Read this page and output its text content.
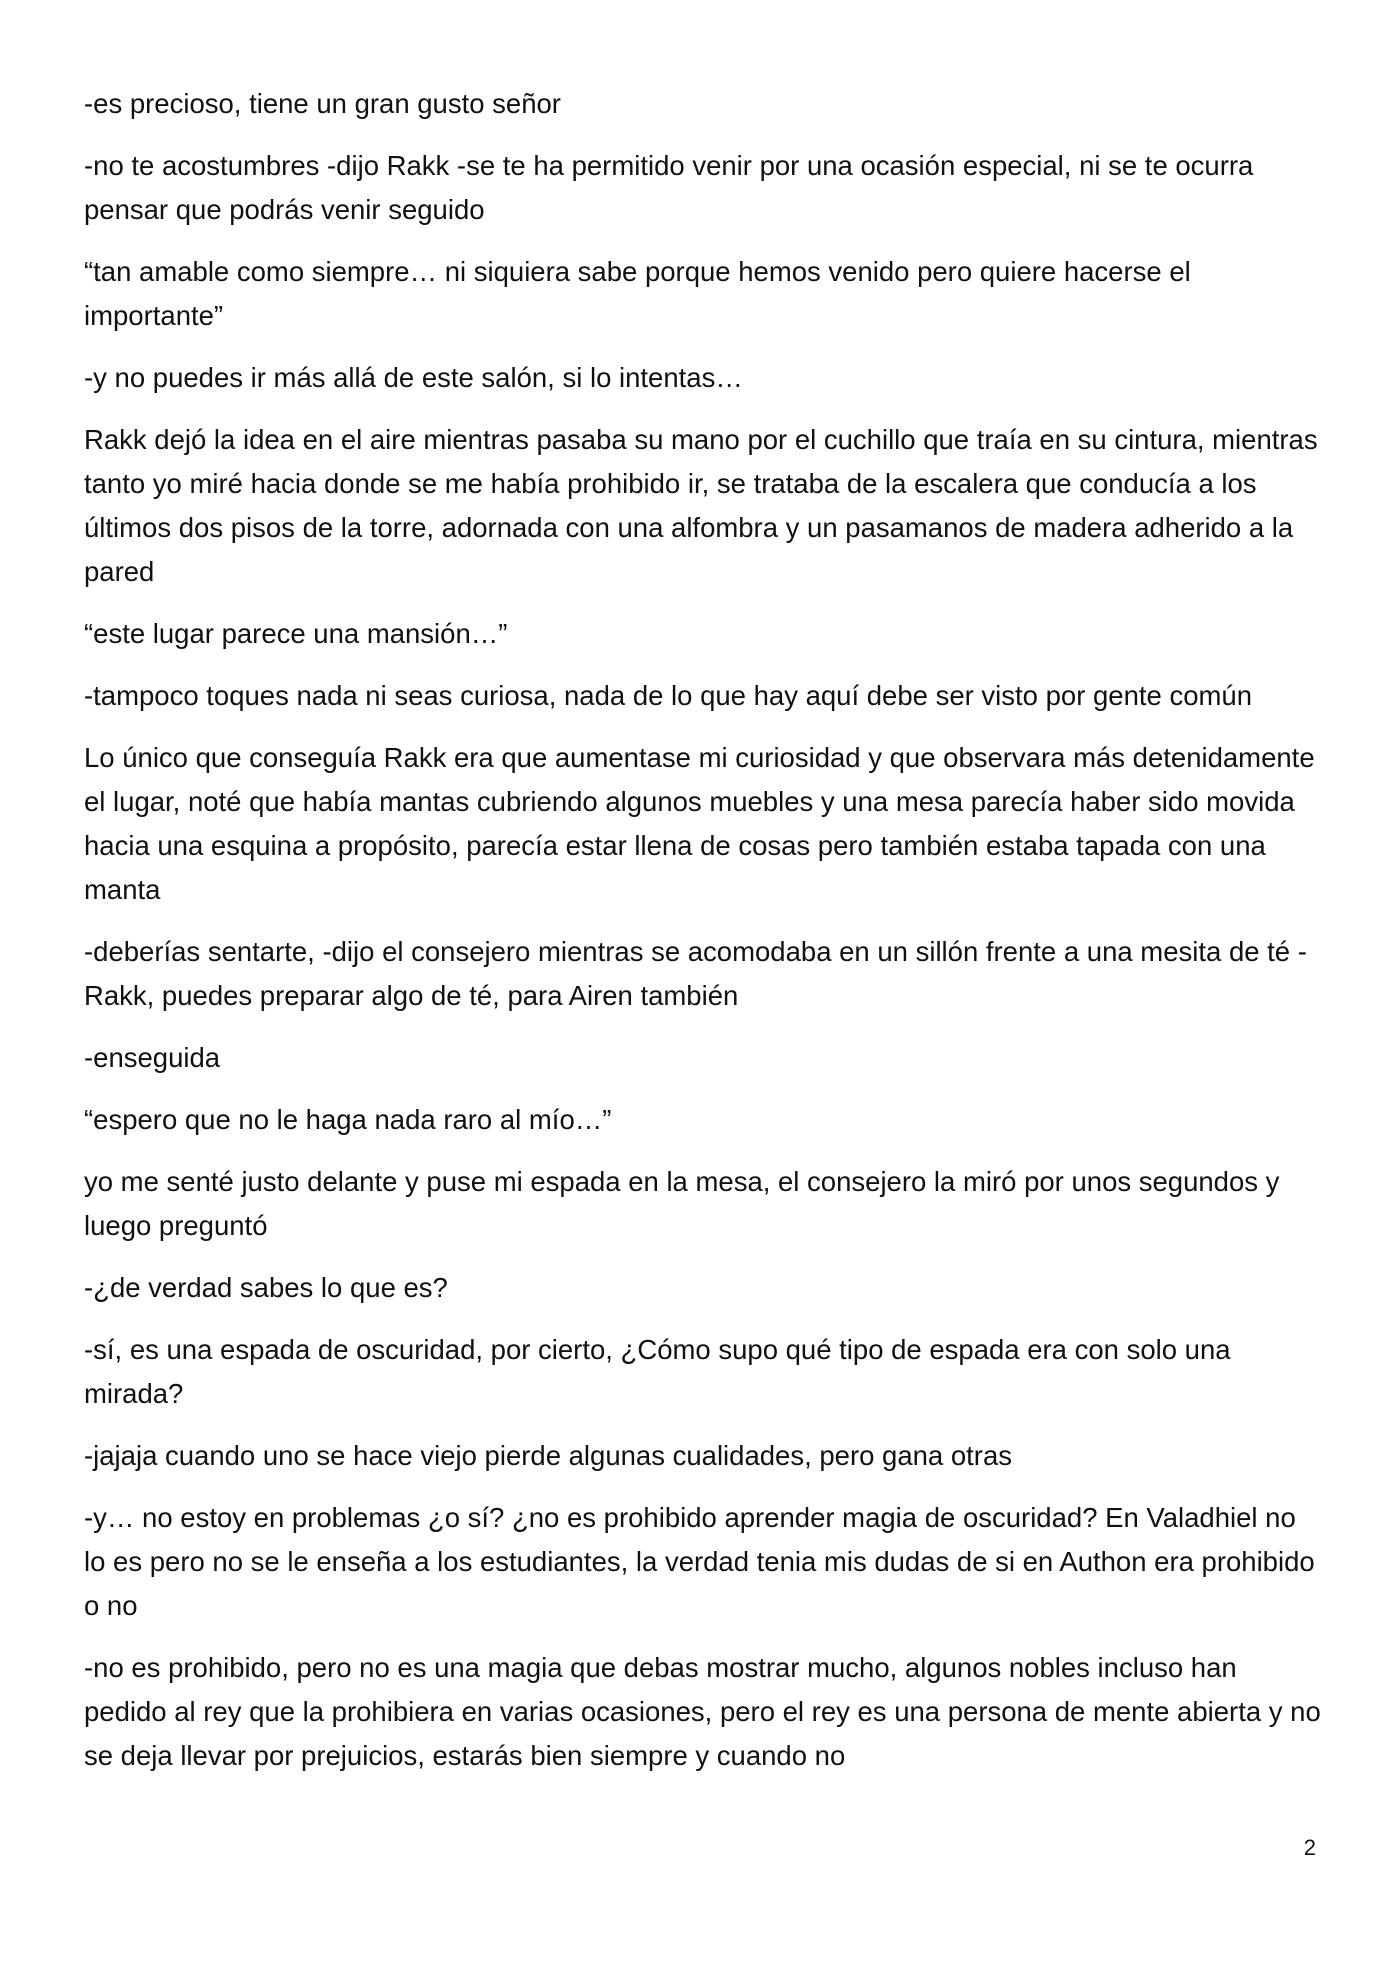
-es precioso, tiene un gran gusto señor

-no te acostumbres -dijo Rakk -se te ha permitido venir por una ocasión especial, ni se te ocurra pensar que podrás venir seguido

“tan amable como siempre… ni siquiera sabe porque hemos venido pero quiere hacerse el importante”

-y no puedes ir más allá de este salón, si lo intentas…

Rakk dejó la idea en el aire mientras pasaba su mano por el cuchillo que traía en su cintura, mientras tanto yo miré hacia donde se me había prohibido ir, se trataba de la escalera que conducía a los últimos dos pisos de la torre, adornada con una alfombra y un pasamanos de madera adherido a la pared

“este lugar parece una mansión…”

-tampoco toques nada ni seas curiosa, nada de lo que hay aquí debe ser visto por gente común

Lo único que conseguía Rakk era que aumentase mi curiosidad y que observara más detenidamente el lugar, noté que había mantas cubriendo algunos muebles y una mesa parecía haber sido movida hacia una esquina a propósito, parecía estar llena de cosas pero también estaba tapada con una manta

-deberías sentarte, -dijo el consejero mientras se acomodaba en un sillón frente a una mesita de té -Rakk, puedes preparar algo de té, para Airen también

-enseguida

“espero que no le haga nada raro al mío…”

yo me senté justo delante y puse mi espada en la mesa, el consejero la miró por unos segundos y luego preguntó

-¿de verdad sabes lo que es?

-sí, es una espada de oscuridad, por cierto, ¿Cómo supo qué tipo de espada era con solo una mirada?

-jajaja cuando uno se hace viejo pierde algunas cualidades, pero gana otras

-y… no estoy en problemas ¿o sí? ¿no es prohibido aprender magia de oscuridad? En Valadhiel no lo es pero no se le enseña a los estudiantes, la verdad tenia mis dudas de si en Authon era prohibido o no

-no es prohibido, pero no es una magia que debas mostrar mucho, algunos nobles incluso han pedido al rey que la prohibiera en varias ocasiones, pero el rey es una persona de mente abierta y no se deja llevar por prejuicios, estarás bien siempre y cuando no

2
